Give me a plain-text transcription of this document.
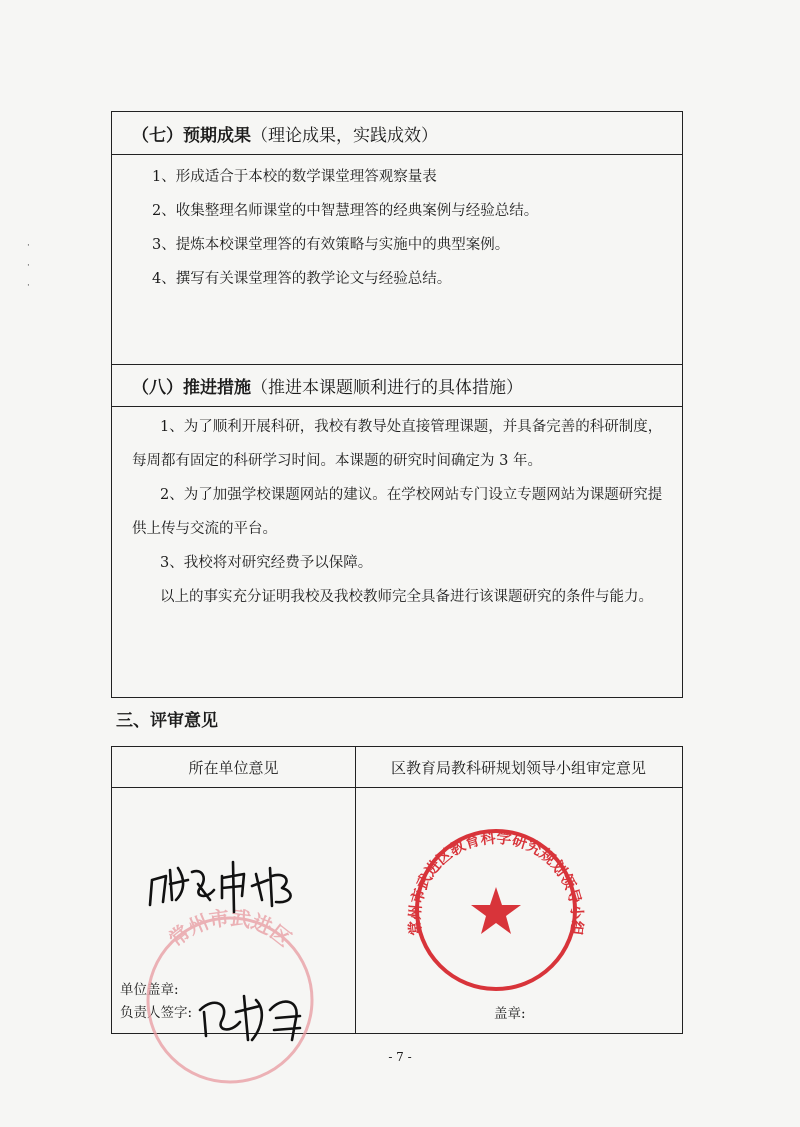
·
·
·
（七）预期成果 （理论成果，实践成效）

1、形成适合于本校的数学课堂理答观察量表

2、收集整理名师课堂的中智慧理答的经典案例与经验总结。

3、提炼本校课堂理答的有效策略与实施中的典型案例。

4、撰写有关课堂理答的教学论文与经验总结。

（八）推进措施 （推进本课题顺利进行的具体措施）

1、为了顺利开展科研，我校有教导处直接管理课题，并具备完善的科研制度，每周都有固定的科研学习时间。本课题的研究时间确定为 3 年。

2、为了加强学校课题网站的建议。在学校网站专门设立专题网站为课题研究提供上传与交流的平台。

3、我校将对研究经费予以保障。

以上的事实充分证明我校及我校教师完全具备进行该课题研究的条件与能力。

三、评审意见
所在单位意见	区教育局教科研规划领导小组审定意见
单位盖章:
负责人签字:	盖章:
常州市武进区	常州市武进区教育科学研究规划领导小组
- 7 -
